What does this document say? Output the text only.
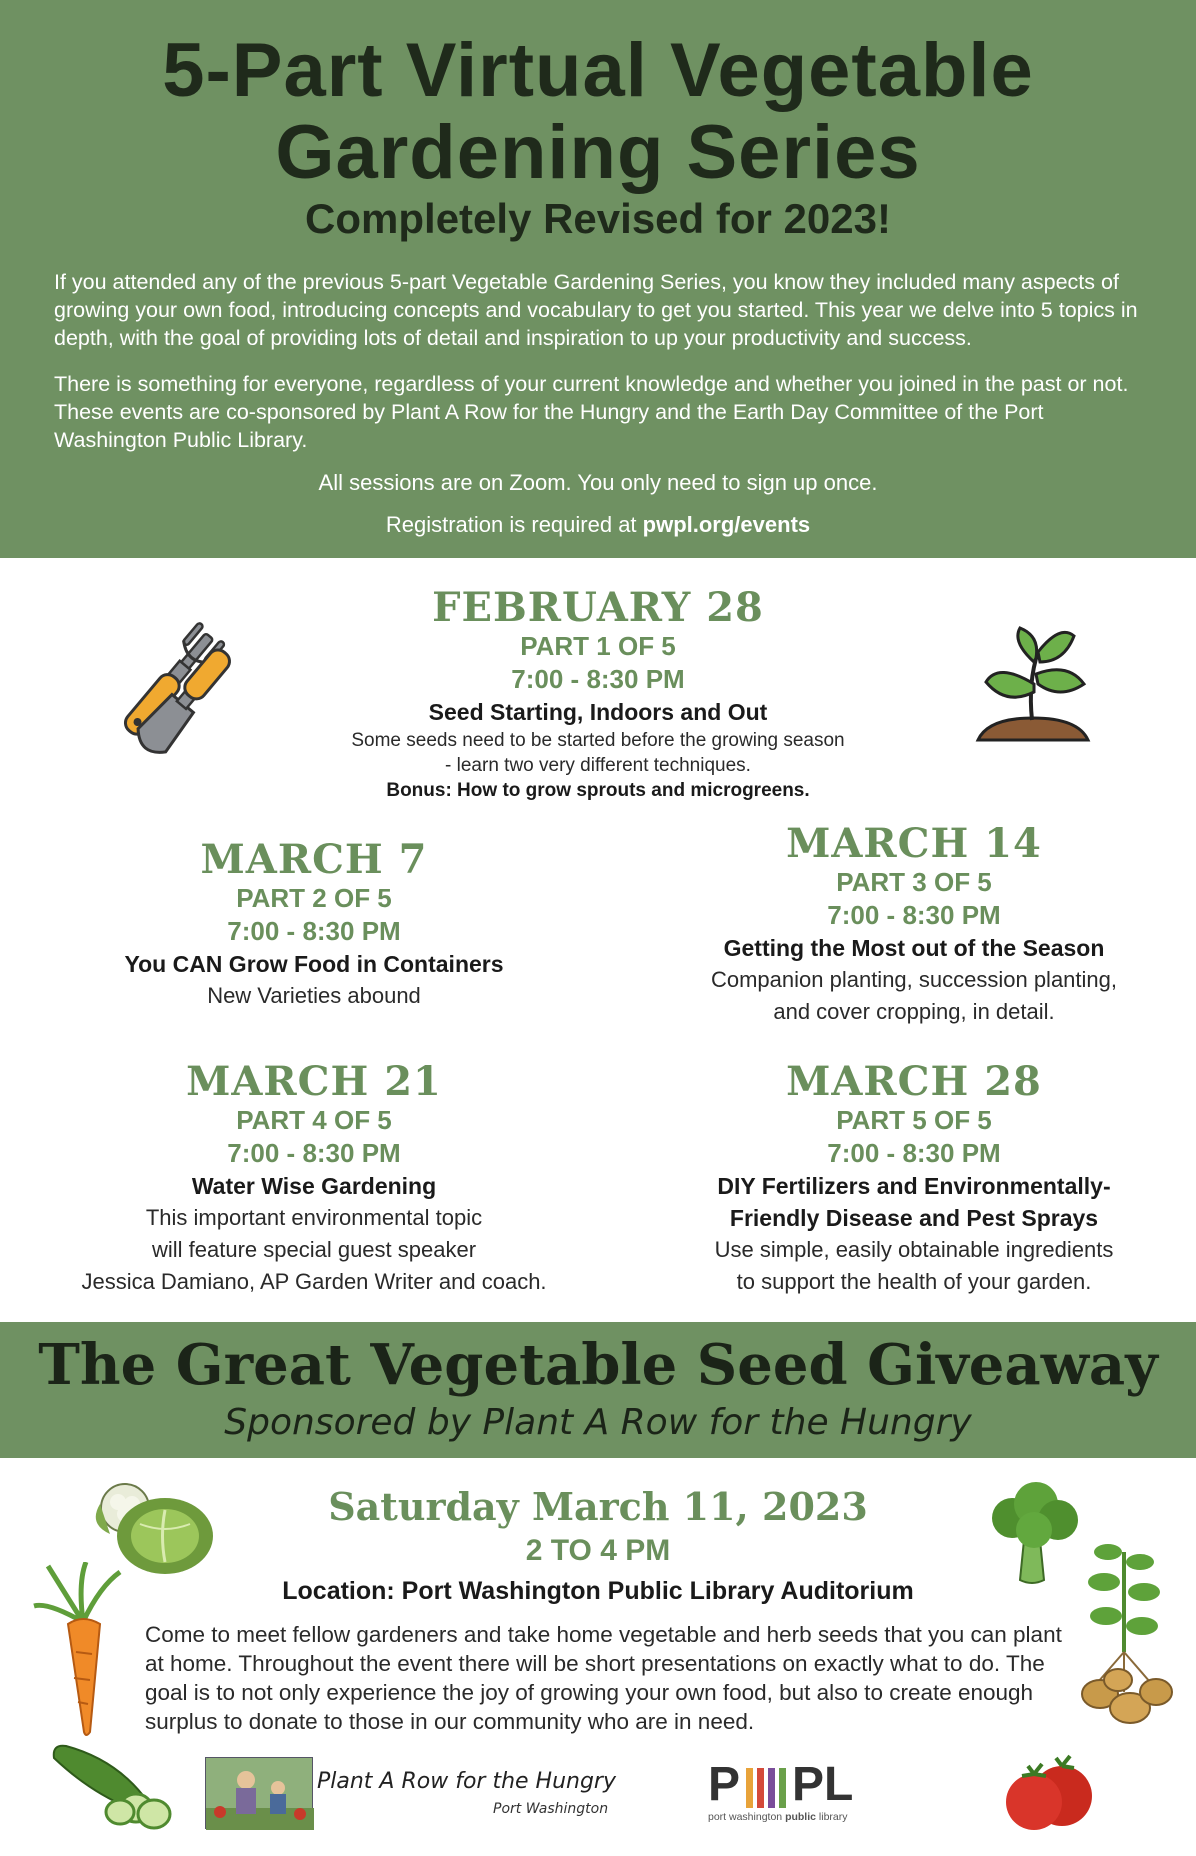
5-Part Virtual Vegetable
Gardening Series
Completely Revised for 2023!
If you attended any of the previous 5-part Vegetable Gardening Series, you know they included many aspects of growing your own food, introducing concepts and vocabulary to get you started. This year we delve into 5 topics in depth, with the goal of providing lots of detail and inspiration to up your productivity and success.
There is something for everyone, regardless of your current knowledge and whether you joined in the past or not. These events are co-sponsored by Plant A Row for the Hungry and the Earth Day Committee of the Port Washington Public Library.
All sessions are on Zoom. You only need to sign up once.
Registration is required at pwpl.org/events
FEBRUARY 28
PART 1 OF 5
7:00 - 8:30 PM
Seed Starting, Indoors and Out
Some seeds need to be started before the growing season
- learn two very different techniques.
Bonus: How to grow sprouts and microgreens.
MARCH 7
PART 2 OF 5
7:00 - 8:30 PM
You CAN Grow Food in Containers
New Varieties abound
MARCH 14
PART 3 OF 5
7:00 - 8:30 PM
Getting the Most out of the Season
Companion planting, succession planting,
and cover cropping, in detail.
MARCH 21
PART 4 OF 5
7:00 - 8:30 PM
Water Wise Gardening
This important environmental topic
will feature special guest speaker
Jessica Damiano, AP Garden Writer and coach.
MARCH 28
PART 5 OF 5
7:00 - 8:30 PM
DIY Fertilizers and Environmentally-
Friendly Disease and Pest Sprays
Use simple, easily obtainable ingredients
to support the health of your garden.
The Great Vegetable Seed Giveaway
Sponsored by Plant A Row for the Hungry
Saturday March 11, 2023
2 TO 4 PM
Location: Port Washington Public Library Auditorium
Come to meet fellow gardeners and take home vegetable and herb seeds that you can plant at home. Throughout the event there will be short presentations on exactly what to do. The goal is to not only experience the joy of growing your own food, but also to create enough surplus to donate to those in our community who are in need.
Plant A Row for the Hungry
Port Washington P PL
port washington public library
